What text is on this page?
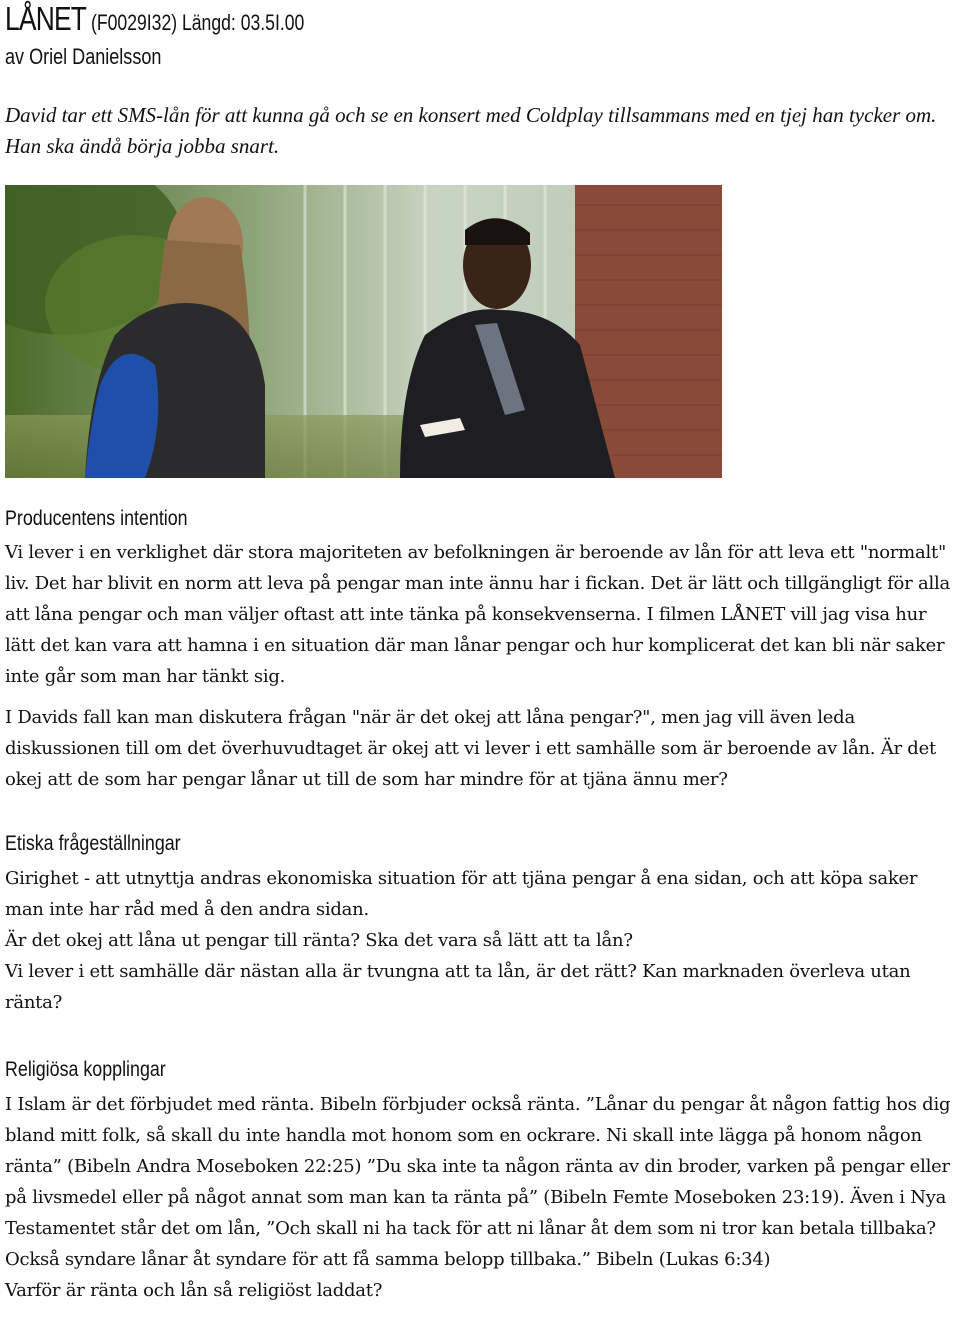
LÅNET (F0029I32) Längd: 03.5I.00
av Oriel Danielsson
David tar ett SMS-lån för att kunna gå och se en konsert med Coldplay tillsammans med en tjej han tycker om. Han ska ändå börja jobba snart.
Producentens intention

Vi lever i en verklighet där stora majoriteten av befolkningen är beroende av lån för att leva ett "normalt" liv. Det har blivit en norm att leva på pengar man inte ännu har i fickan. Det är lätt och tillgängligt för alla att låna pengar och man väljer oftast att inte tänka på konsekvenserna. I filmen LÅNET vill jag visa hur lätt det kan vara att hamna i en situation där man lånar pengar och hur komplicerat det kan bli när saker inte går som man har tänkt sig.

I Davids fall kan man diskutera frågan "när är det okej att låna pengar?", men jag vill även leda diskussionen till om det överhuvudtaget är okej att vi lever i ett samhälle som är beroende av lån. Är det okej att de som har pengar lånar ut till de som har mindre för at tjäna ännu mer?

Etiska frågeställningar

Girighet - att utnyttja andras ekonomiska situation för att tjäna pengar å ena sidan, och att köpa saker man inte har råd med å den andra sidan.

Är det okej att låna ut pengar till ränta? Ska det vara så lätt att ta lån?

Vi lever i ett samhälle där nästan alla är tvungna att ta lån, är det rätt? Kan marknaden överleva utan ränta?

Religiösa kopplingar

I Islam är det förbjudet med ränta. Bibeln förbjuder också ränta. ”Lånar du pengar åt någon fattig hos dig bland mitt folk, så skall du inte handla mot honom som en ockrare. Ni skall inte lägga på honom någon ränta” (Bibeln Andra Moseboken 22:25) ”Du ska inte ta någon ränta av din broder, varken på pengar eller på livsmedel eller på något annat som man kan ta ränta på” (Bibeln Femte Moseboken 23:19). Även i Nya Testamentet står det om lån, ”Och skall ni ha tack för att ni lånar åt dem som ni tror kan betala tillbaka? Också syndare lånar åt syndare för att få samma belopp tillbaka.” Bibeln (Lukas 6:34)

Varför är ränta och lån så religiöst laddat?
